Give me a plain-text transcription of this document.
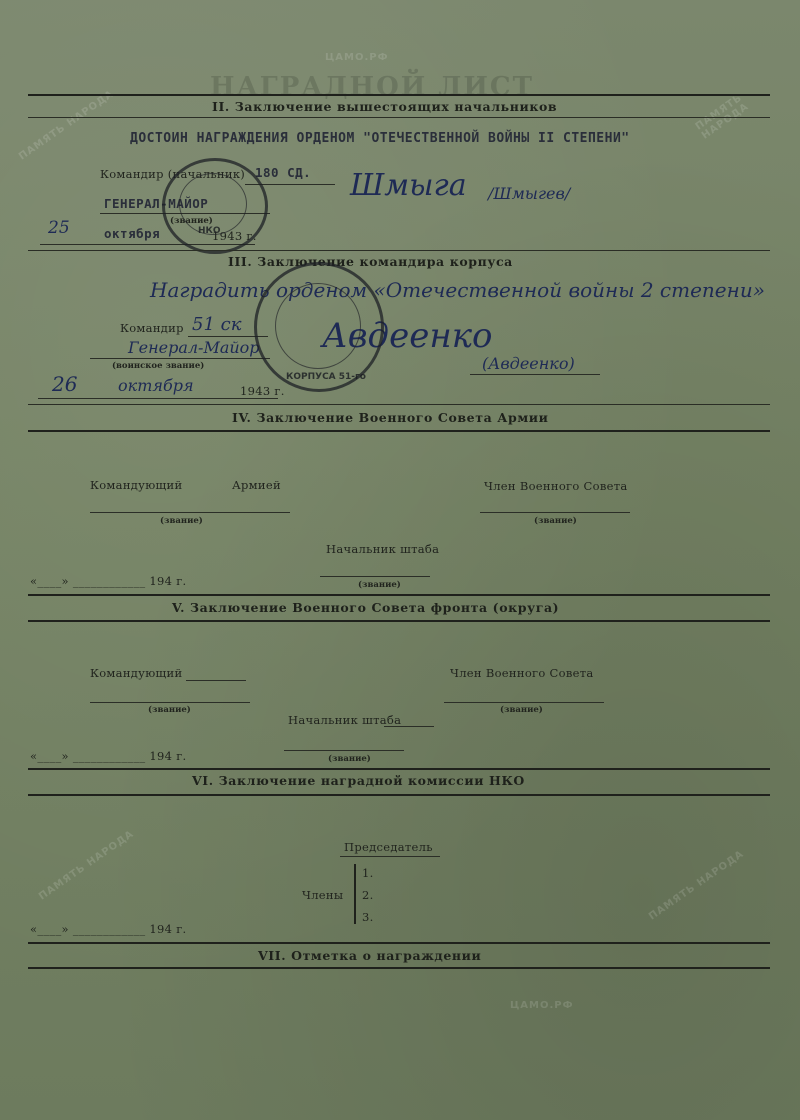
НАГРАДНОЙ ЛИСТ
ЦАМО.РФ
ПАМЯТЬ НАРОДА	ПАМЯТЬ НАРОДА
ПАМЯТЬ НАРОДА	ПАМЯТЬ НАРОДА
ЦАМО.РФ
II. Заключение вышестоящих начальников
ДОСТОИН НАГРАЖДЕНИЯ ОРДЕНОМ "ОТЕЧЕСТВЕННОЙ ВОЙНЫ II СТЕПЕНИ"
Командир (начальник) 180 СД. Шмыга /Шмыгев/
ГЕНЕРАЛ-МАЙОР
(звание)
25	октября	1943 г.
НКО
III. Заключение командира корпуса
Наградить орденом «Отечественной войны 2 степени»
Командир 51 ск
Генерал-Майор
(воинское звание)
Авдеенко
(Авдеенко)
26	октября	1943 г.
КОРПУСА 51-го
IV. Заключение Военного Совета Армии
Командующий	Армией	Член Военного Совета
(звание)	(звание)
Начальник штаба
«____» ____________ 194 г.	(звание)
V. Заключение Военного Совета фронта (округа)
Командующий	Член Военного Совета
(звание)	(звание)
Начальник штаба
«____» ____________ 194 г.	(звание)
VI. Заключение наградной комиссии НКО
Председатель
Члены
1.
2.
3.
«____» ____________ 194 г.
VII. Отметка о награждении
